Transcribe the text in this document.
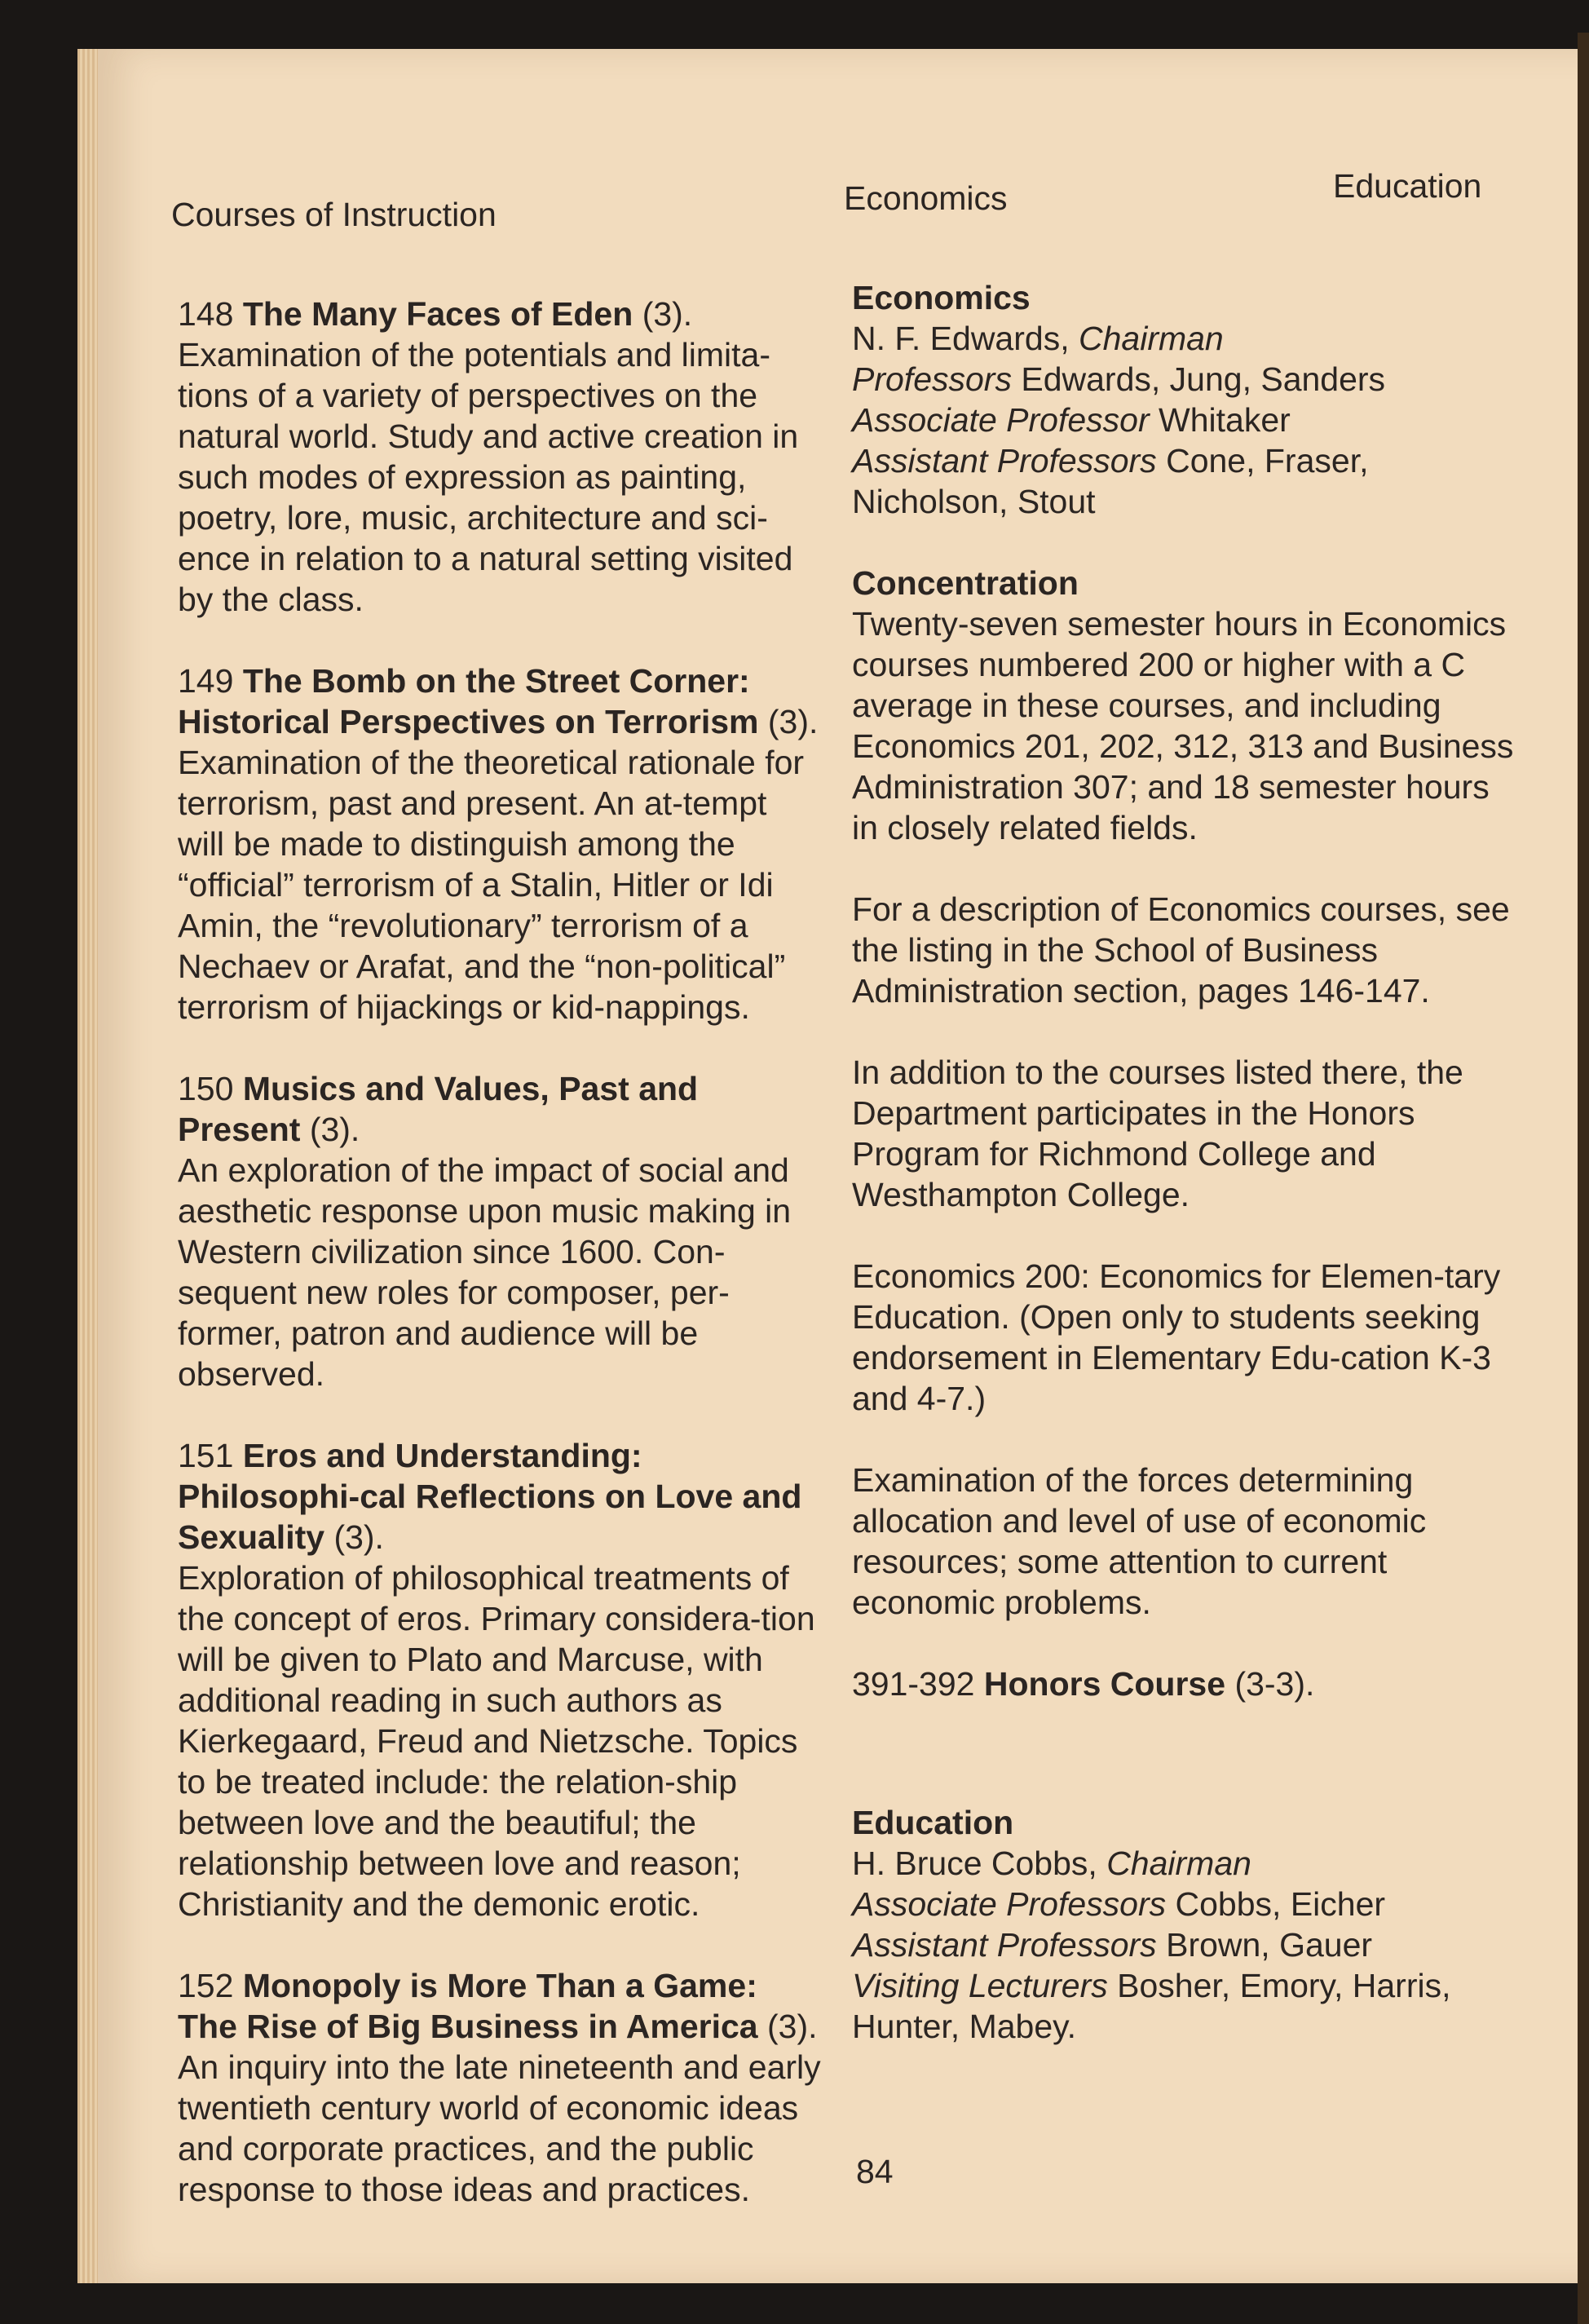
Courses of Instruction	Economics	Education
148 The Many Faces of Eden (3).
Examination of the potentials and limita-tions of a variety of perspectives on the natural world. Study and active creation in such modes of expression as painting, poetry, lore, music, architecture and sci-ence in relation to a natural setting visited by the class.
149 The Bomb on the Street Corner: Historical Perspectives on Terrorism (3).
Examination of the theoretical rationale for terrorism, past and present. An at-tempt will be made to distinguish among the “official” terrorism of a Stalin, Hitler or Idi Amin, the “revolutionary” terrorism of a Nechaev or Arafat, and the “non-political” terrorism of hijackings or kid-nappings.
150 Musics and Values, Past and Present (3).
An exploration of the impact of social and aesthetic response upon music making in Western civilization since 1600. Con-sequent new roles for composer, per-former, patron and audience will be observed.
151 Eros and Understanding: Philosophi-cal Reflections on Love and Sexuality (3).
Exploration of philosophical treatments of the concept of eros. Primary considera-tion will be given to Plato and Marcuse, with additional reading in such authors as Kierkegaard, Freud and Nietzsche. Topics to be treated include: the relation-ship between love and the beautiful; the relationship between love and reason; Christianity and the demonic erotic.
152 Monopoly is More Than a Game: The Rise of Big Business in America (3).
An inquiry into the late nineteenth and early twentieth century world of economic ideas and corporate practices, and the public response to those ideas and practices.
Economics
N. F. Edwards, Chairman
Professors Edwards, Jung, Sanders
Associate Professor Whitaker
Assistant Professors Cone, Fraser, Nicholson, Stout
Concentration
Twenty-seven semester hours in Economics courses numbered 200 or higher with a C average in these courses, and including Economics 201, 202, 312, 313 and Business Administration 307; and 18 semester hours in closely related fields.
For a description of Economics courses, see the listing in the School of Business Administration section, pages 146-147.
In addition to the courses listed there, the Department participates in the Honors Program for Richmond College and Westhampton College.
Economics 200: Economics for Elemen-tary Education. (Open only to students seeking endorsement in Elementary Edu-cation K-3 and 4-7.)
Examination of the forces determining allocation and level of use of economic resources; some attention to current economic problems.
391-392 Honors Course (3-3).
Education
H. Bruce Cobbs, Chairman
Associate Professors Cobbs, Eicher
Assistant Professors Brown, Gauer
Visiting Lecturers Bosher, Emory, Harris, Hunter, Mabey.
84
